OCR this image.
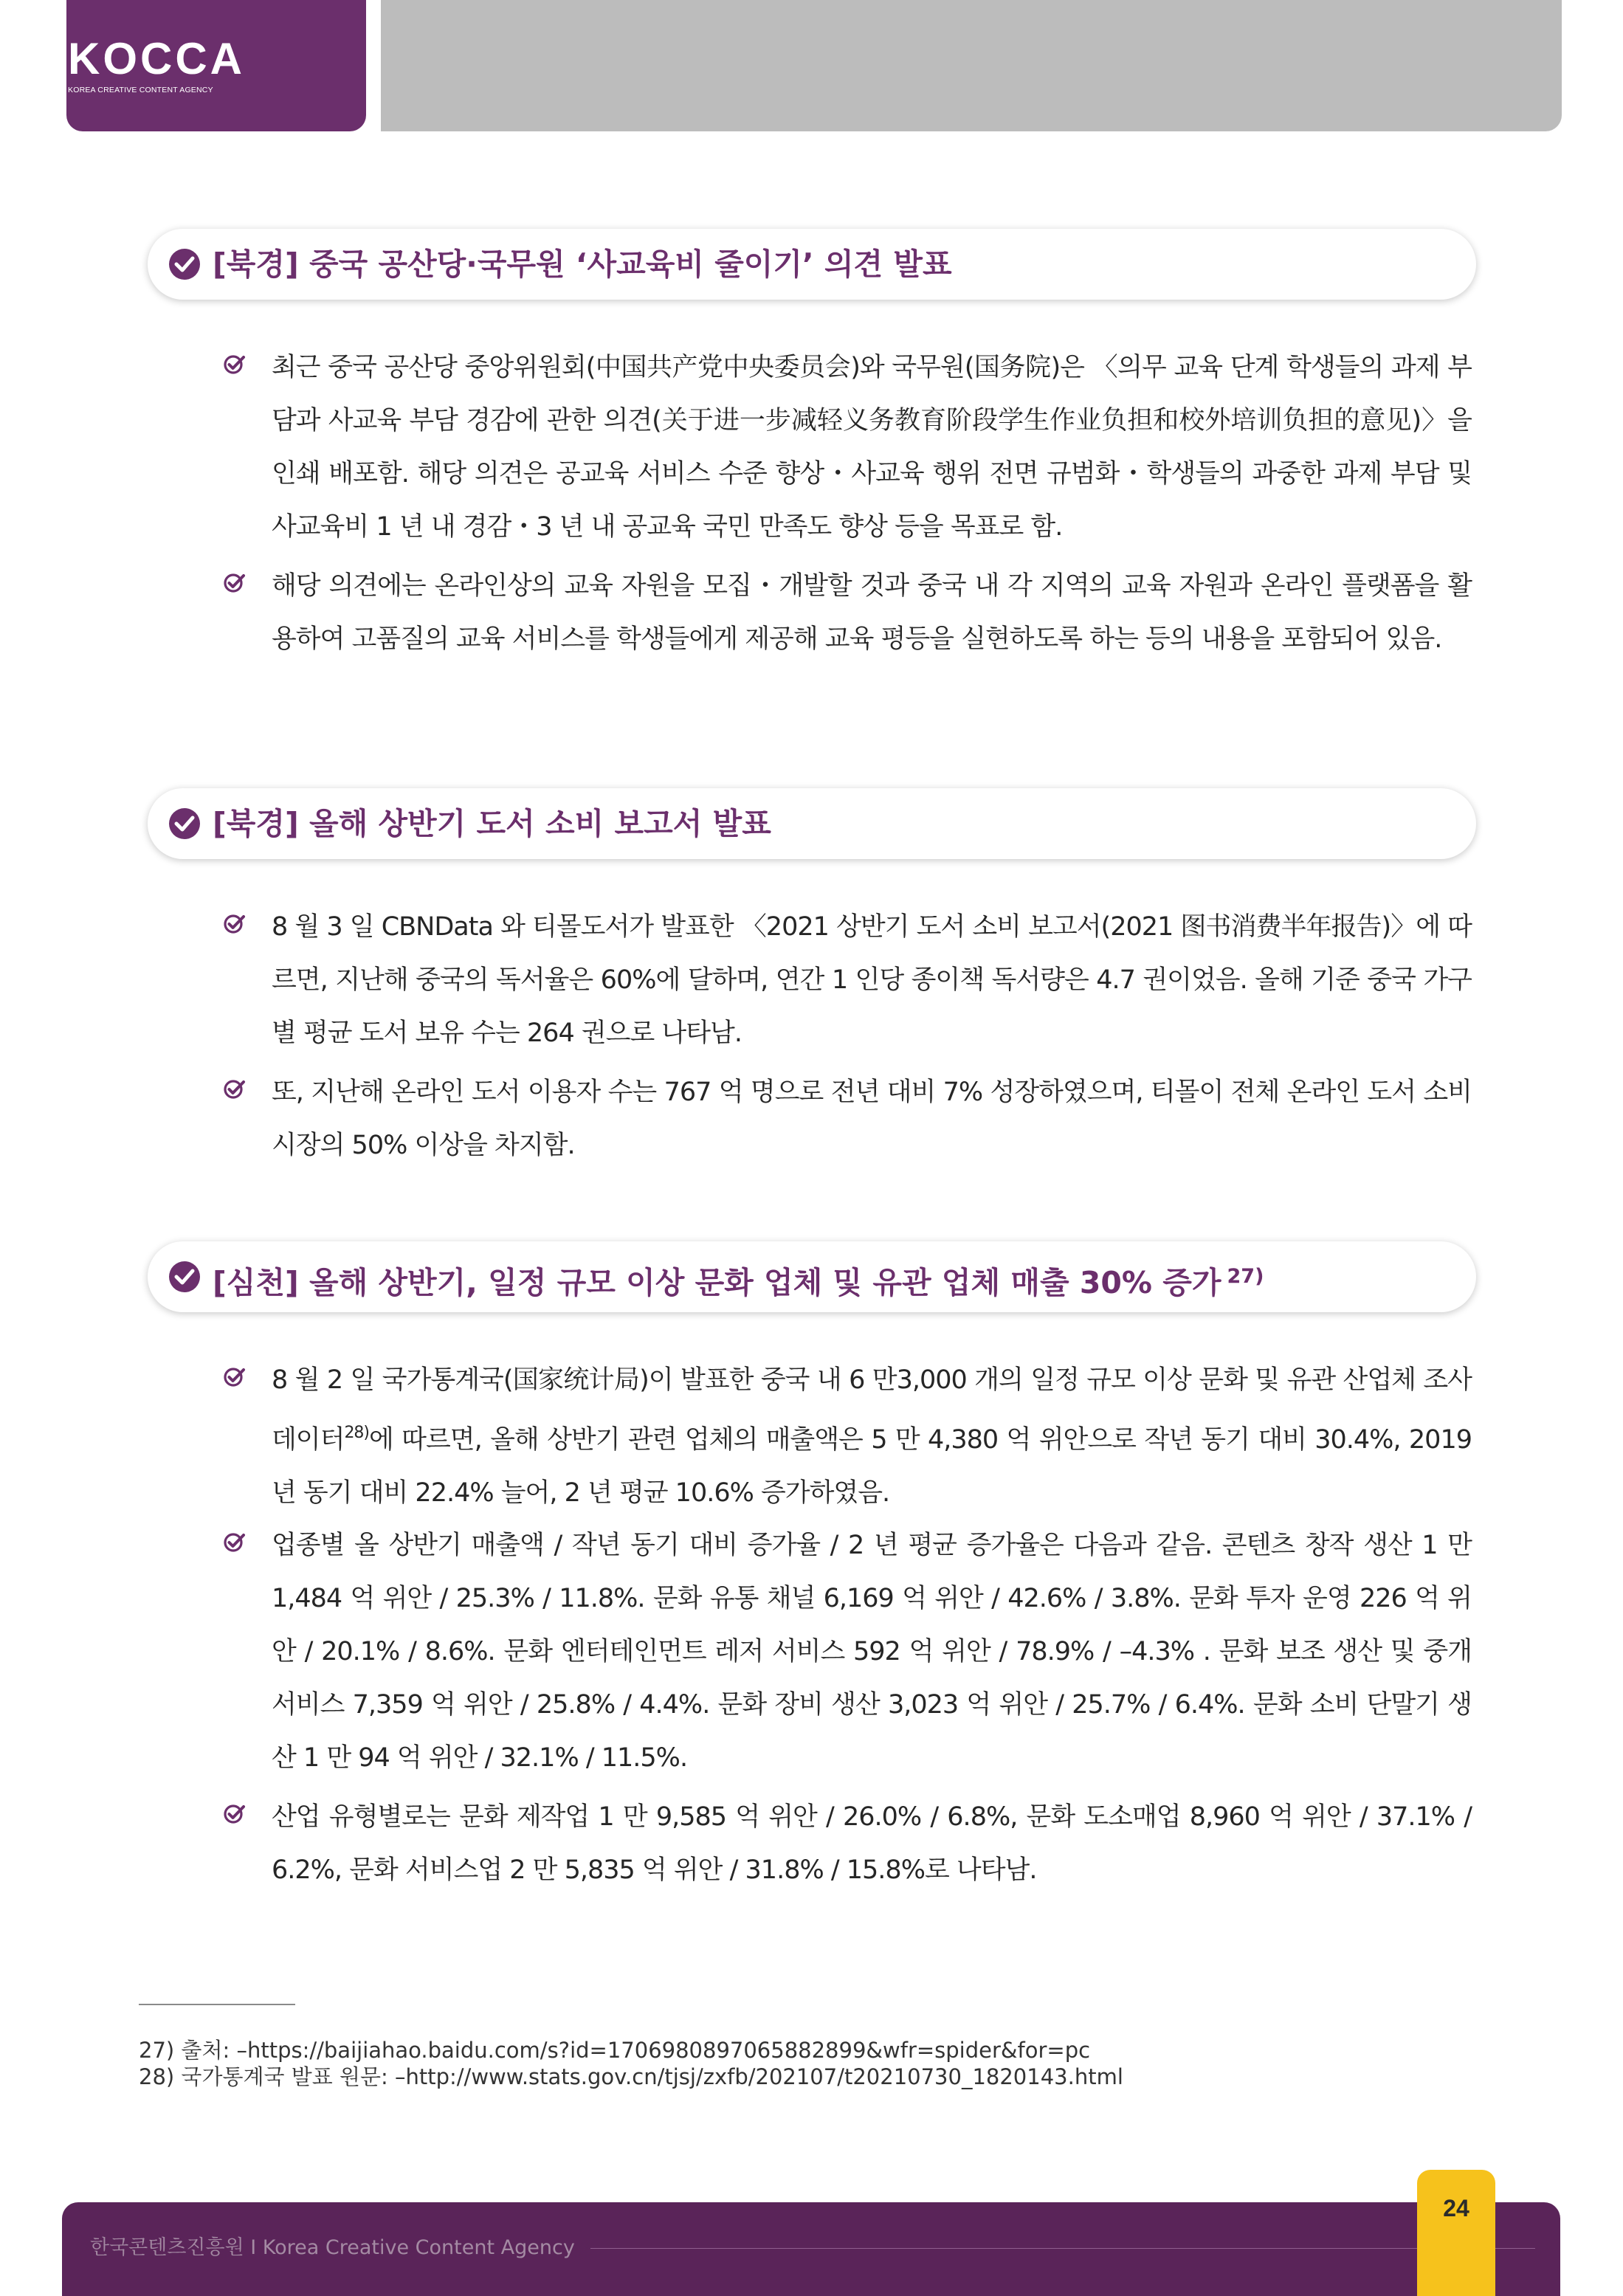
KOCCA
KOREA CREATIVE CONTENT AGENCY
[북경] 중국 공산당·국무원 ‘사교육비 줄이기’ 의견 발표
최근 중국 공산당 중앙위원회(中国共产党中央委员会)와 국무원(国务院)은 〈의무 교육 단계 학생들의 과제 부담과 사교육 부담 경감에 관한 의견(关于进一步减轻义务教育阶段学生作业负担和校外培训负担的意见)〉을 인쇄 배포함. 해당 의견은 공교육 서비스 수준 향상・사교육 행위 전면 규범화・학생들의 과중한 과제 부담 및 사교육비 1 년 내 경감・3 년 내 공교육 국민 만족도 향상 등을 목표로 함.
해당 의견에는 온라인상의 교육 자원을 모집・개발할 것과 중국 내 각 지역의 교육 자원과 온라인 플랫폼을 활용하여 고품질의 교육 서비스를 학생들에게 제공해 교육 평등을 실현하도록 하는 등의 내용을 포함되어 있음.
[북경] 올해 상반기 도서 소비 보고서 발표
8 월 3 일 CBNData 와 티몰도서가 발표한 〈2021 상반기 도서 소비 보고서(2021 图书消费半年报告)〉에 따르면, 지난해 중국의 독서율은 60%에 달하며, 연간 1 인당 종이책 독서량은 4.7 권이었음. 올해 기준 중국 가구별 평균 도서 보유 수는 264 권으로 나타남.
또, 지난해 온라인 도서 이용자 수는 767 억 명으로 전년 대비 7% 성장하였으며, 티몰이 전체 온라인 도서 소비 시장의 50% 이상을 차지함.
[심천] 올해 상반기, 일정 규모 이상 문화 업체 및 유관 업체 매출 30% 증가 $^{27)}$
8 월 2 일 국가통계국(国家统计局)이 발표한 중국 내 6 만3,000 개의 일정 규모 이상 문화 및 유관 산업체 조사 데이터$^{28)}$에 따르면, 올해 상반기 관련 업체의 매출액은 5 만 4,380 억 위안으로 작년 동기 대비 30.4%, 2019 년 동기 대비 22.4% 늘어, 2 년 평균 10.6% 증가하였음.
업종별 올 상반기 매출액 / 작년 동기 대비 증가율 / 2 년 평균 증가율은 다음과 같음. 콘텐츠 창작 생산 1 만 1,484 억 위안 / 25.3% / 11.8%. 문화 유통 채널 6,169 억 위안 / 42.6% / 3.8%. 문화 투자 운영 226 억 위안 / 20.1% / 8.6%. 문화 엔터테인먼트 레저 서비스 592 억 위안 / 78.9% / –4.3% . 문화 보조 생산 및 중개 서비스 7,359 억 위안 / 25.8% / 4.4%. 문화 장비 생산 3,023 억 위안 / 25.7% / 6.4%. 문화 소비 단말기 생산 1 만 94 억 위안 / 32.1% / 11.5%.
산업 유형별로는 문화 제작업 1 만 9,585 억 위안 / 26.0% / 6.8%, 문화 도소매업 8,960 억 위안 / 37.1% / 6.2%, 문화 서비스업 2 만 5,835 억 위안 / 31.8% / 15.8%로 나타남.
27) 출처: –https://baijiahao.baidu.com/s?id=1706980897065882899&wfr=spider&for=pc
28) 국가통계국 발표 원문: –http://www.stats.gov.cn/tjsj/zxfb/202107/t20210730_1820143.html
한국콘텐츠진흥원 I Korea Creative Content Agency
24
